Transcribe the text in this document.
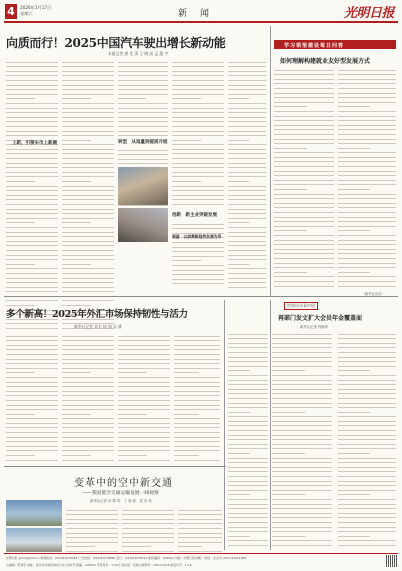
4	2026年1月17日
星期六	新　闻	光明日报
向质而行！2025中国汽车驶出增长新动能
本报记者 唐 先 清 王 晓 丽 孟 露 宇
上新，引领车市上新潮	转型　从追量到提质升级
创新　新主业突破发展
展望　以消费新趋势发展为导
学习领悟建设每日问答
如何理解构建就业友好型发展方式
（新华社北京）
多个新高！2025年外汇市场保持韧性与活力
新华社记者 刘丰 杨 如 吴 斌
世界风采看中国
再部门发文扩大会员年金覆盖面
新华社记者 钟继军
变革中的空中新交通
——我国低空交通运输发展一线观察
新华社记者 叶 繁 鸣　丁 海 波　武 有 权
光明日报 gmw@gmw.cn 新闻热线：(010)67078484 广告热线：(010)67078890 发行：(010)67078411 邮政编码：100062 印刷：光明日报印刷厂 地址：北京市 (010) 63021388
总编辑：陈建宇 地址：北京市东城区珠市口东大街5号 邮编：100062 零售每份：1.50元 国内统一连续出版物号：CN11-0026 邮发代号：1-16
